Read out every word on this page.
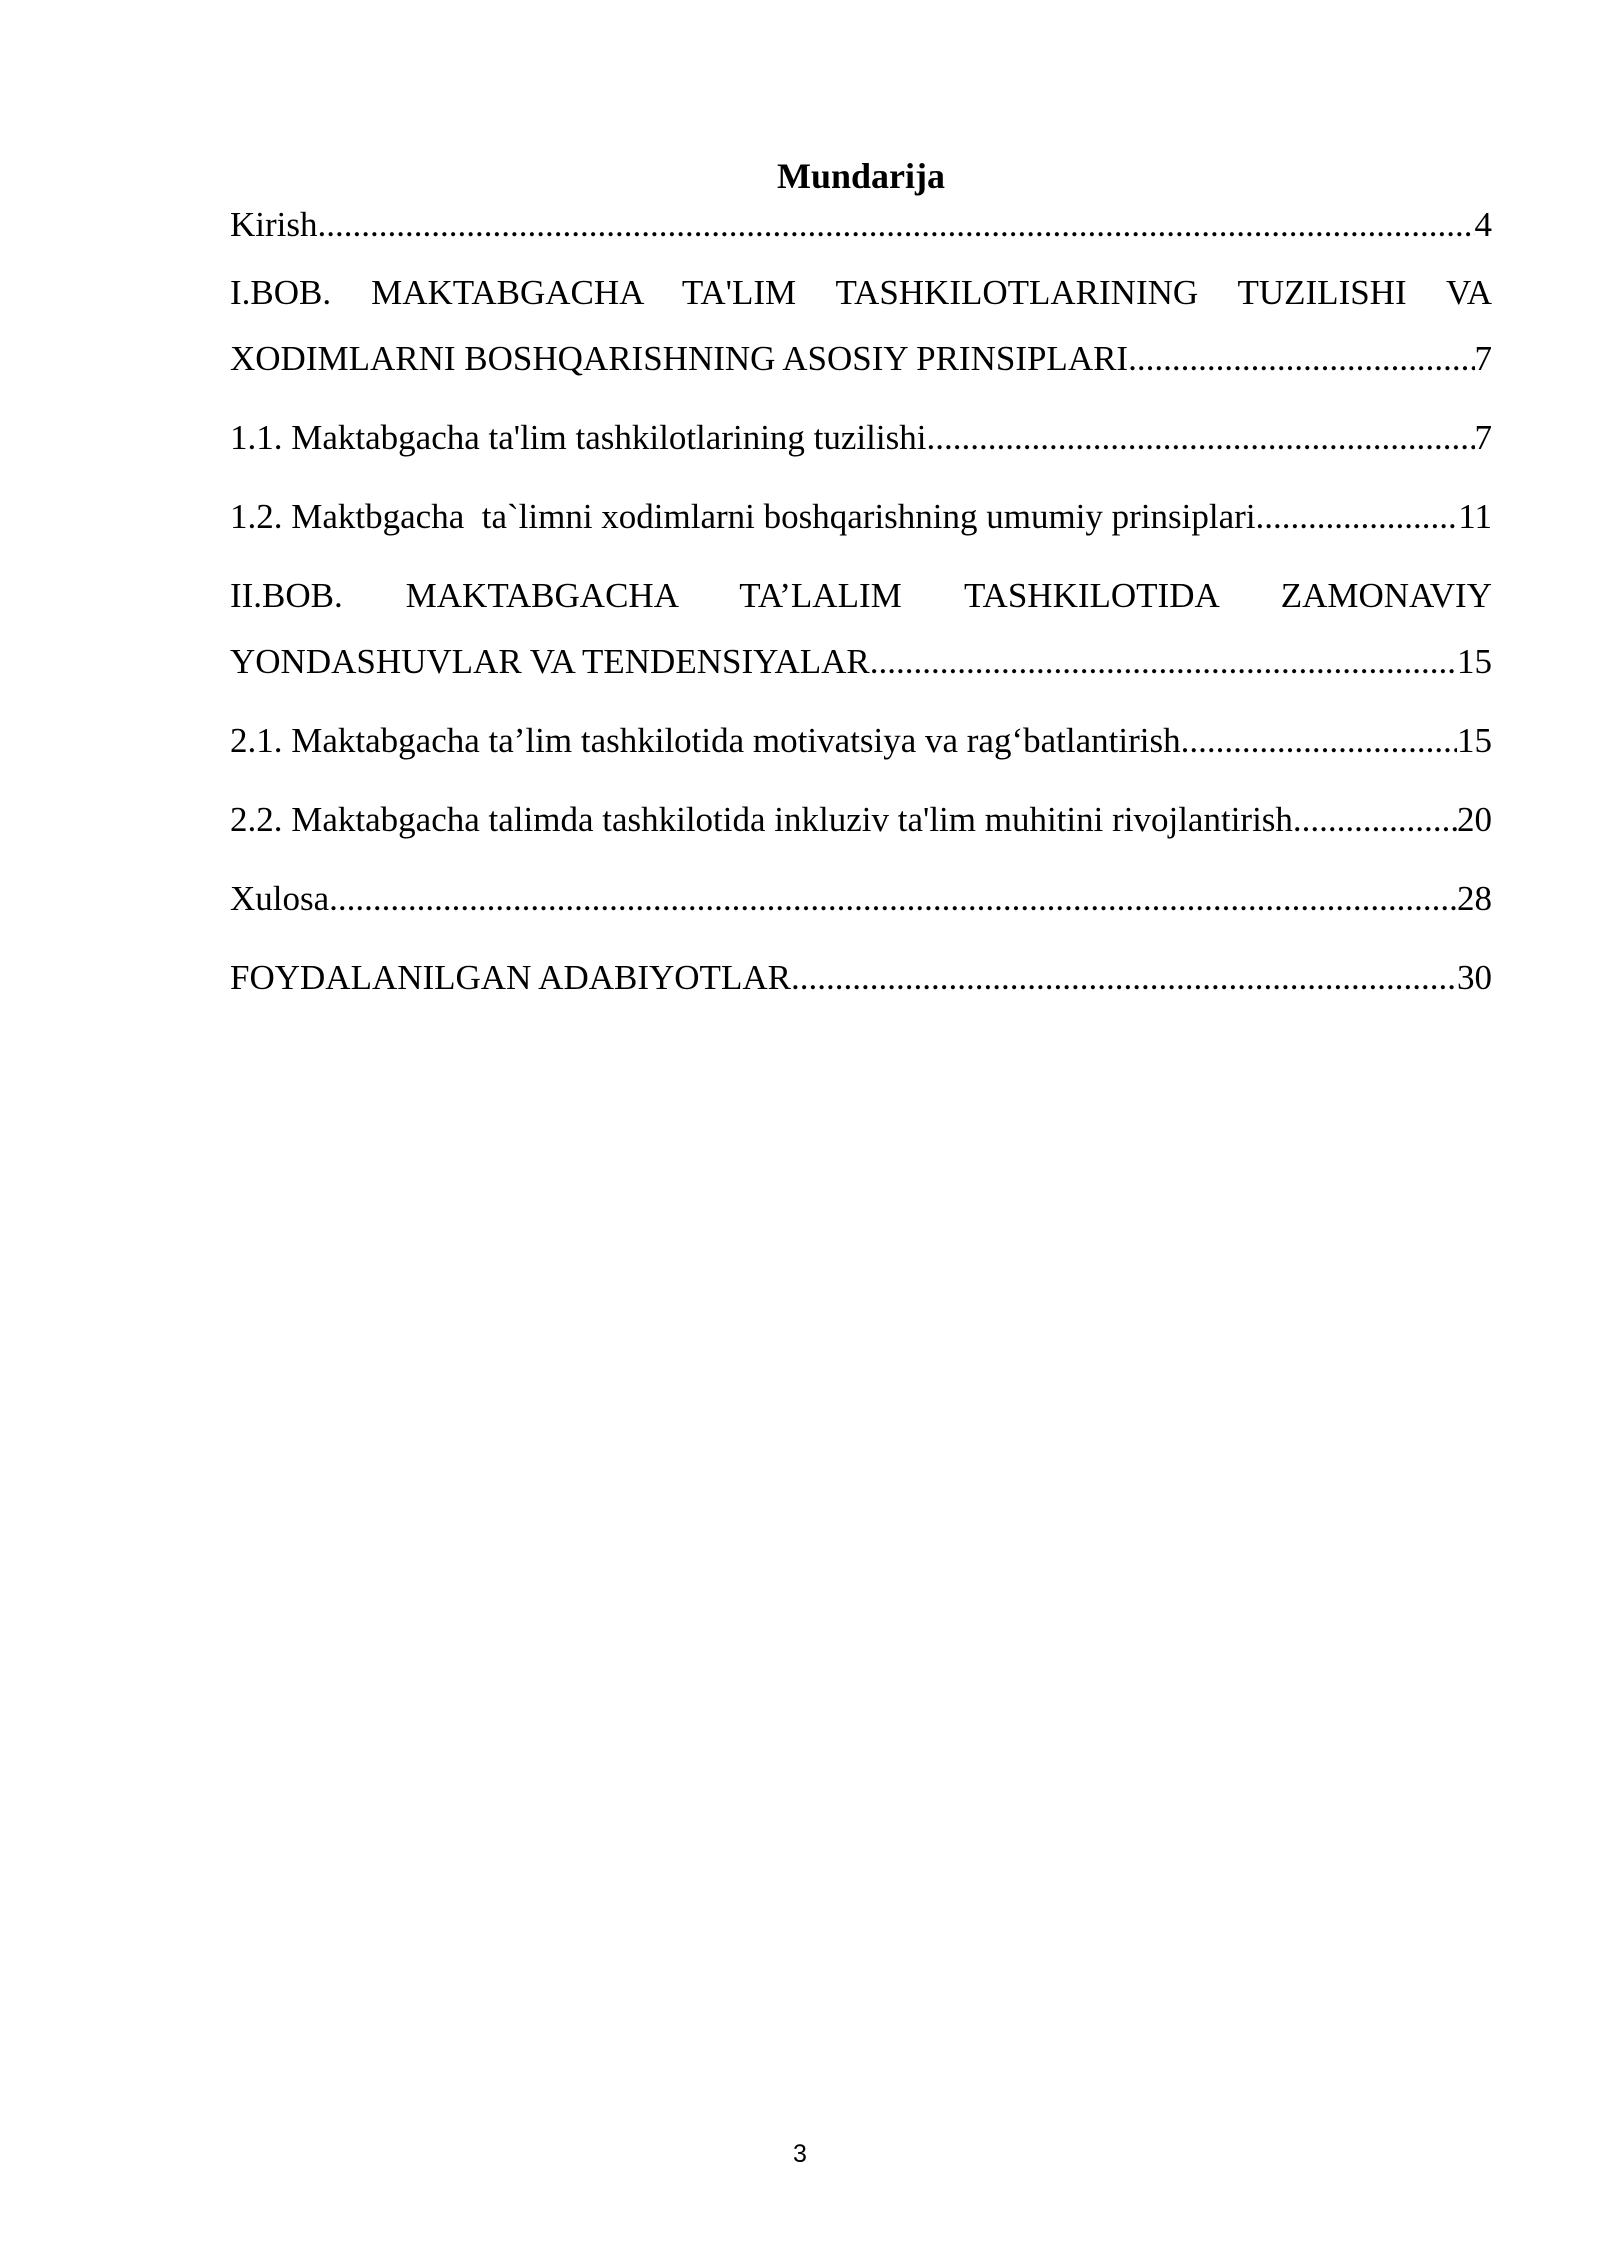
Mundarija
Kirish .....	4
I.BOB. MAKTABGACHA TA'LIM TASHKILOTLARINING TUZILISHI VA
XODIMLARNI BOSHQARISHNING ASOSIY PRINSIPLARI .....	7
1.1. Maktabgacha ta'lim tashkilotlarining tuzilishi .....	7
1.2. Maktbgacha  ta`limni xodimlarni boshqarishning umumiy prinsiplari .....	11
II.BOB. MAKTABGACHA TA’LALIM TASHKILOTIDA ZAMONAVIY
YONDASHUVLAR VA TENDENSIYALAR .....	15
2.1. Maktabgacha ta’lim tashkilotida motivatsiya va rag‘batlantirish .....	15
2.2. Maktabgacha talimda tashkilotida inkluziv ta'lim muhitini rivojlantirish .....	20
Xulosa .....	28
FOYDALANILGAN ADABIYOTLAR .....	30
3
